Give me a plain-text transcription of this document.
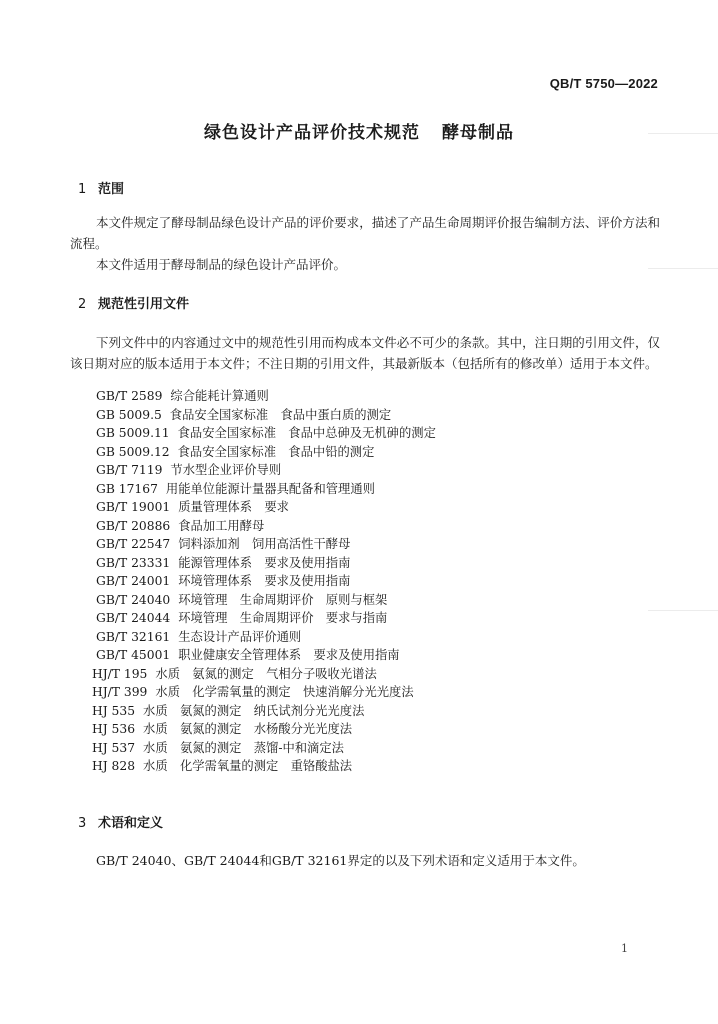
QB/T 5750—2022
绿色设计产品评价技术规范 酵母制品
1 范围
本文件规定了酵母制品绿色设计产品的评价要求，描述了产品生命周期评价报告编制方法、评价方法和流程。
本文件适用于酵母制品的绿色设计产品评价。
2 规范性引用文件
下列文件中的内容通过文中的规范性引用而构成本文件必不可少的条款。其中，注日期的引用文件，仅该日期对应的版本适用于本文件；不注日期的引用文件，其最新版本（包括所有的修改单）适用于本文件。
GB/T 2589 综合能耗计算通则
GB 5009.5 食品安全国家标准　食品中蛋白质的测定
GB 5009.11 食品安全国家标准　食品中总砷及无机砷的测定
GB 5009.12 食品安全国家标准　食品中铅的测定
GB/T 7119 节水型企业评价导则
GB 17167 用能单位能源计量器具配备和管理通则
GB/T 19001 质量管理体系　要求
GB/T 20886 食品加工用酵母
GB/T 22547 饲料添加剂　饲用高活性干酵母
GB/T 23331 能源管理体系　要求及使用指南
GB/T 24001 环境管理体系　要求及使用指南
GB/T 24040 环境管理　生命周期评价　原则与框架
GB/T 24044 环境管理　生命周期评价　要求与指南
GB/T 32161 生态设计产品评价通则
GB/T 45001 职业健康安全管理体系　要求及使用指南
HJ/T 195 水质　氨氮的测定　气相分子吸收光谱法
HJ/T 399 水质　化学需氧量的测定　快速消解分光光度法
HJ 535 水质　氨氮的测定　纳氏试剂分光光度法
HJ 536 水质　氨氮的测定　水杨酸分光光度法
HJ 537 水质　氨氮的测定　蒸馏-中和滴定法
HJ 828 水质　化学需氧量的测定　重铬酸盐法
3 术语和定义
GB/T 24040、GB/T 24044和GB/T 32161界定的以及下列术语和定义适用于本文件。
1
